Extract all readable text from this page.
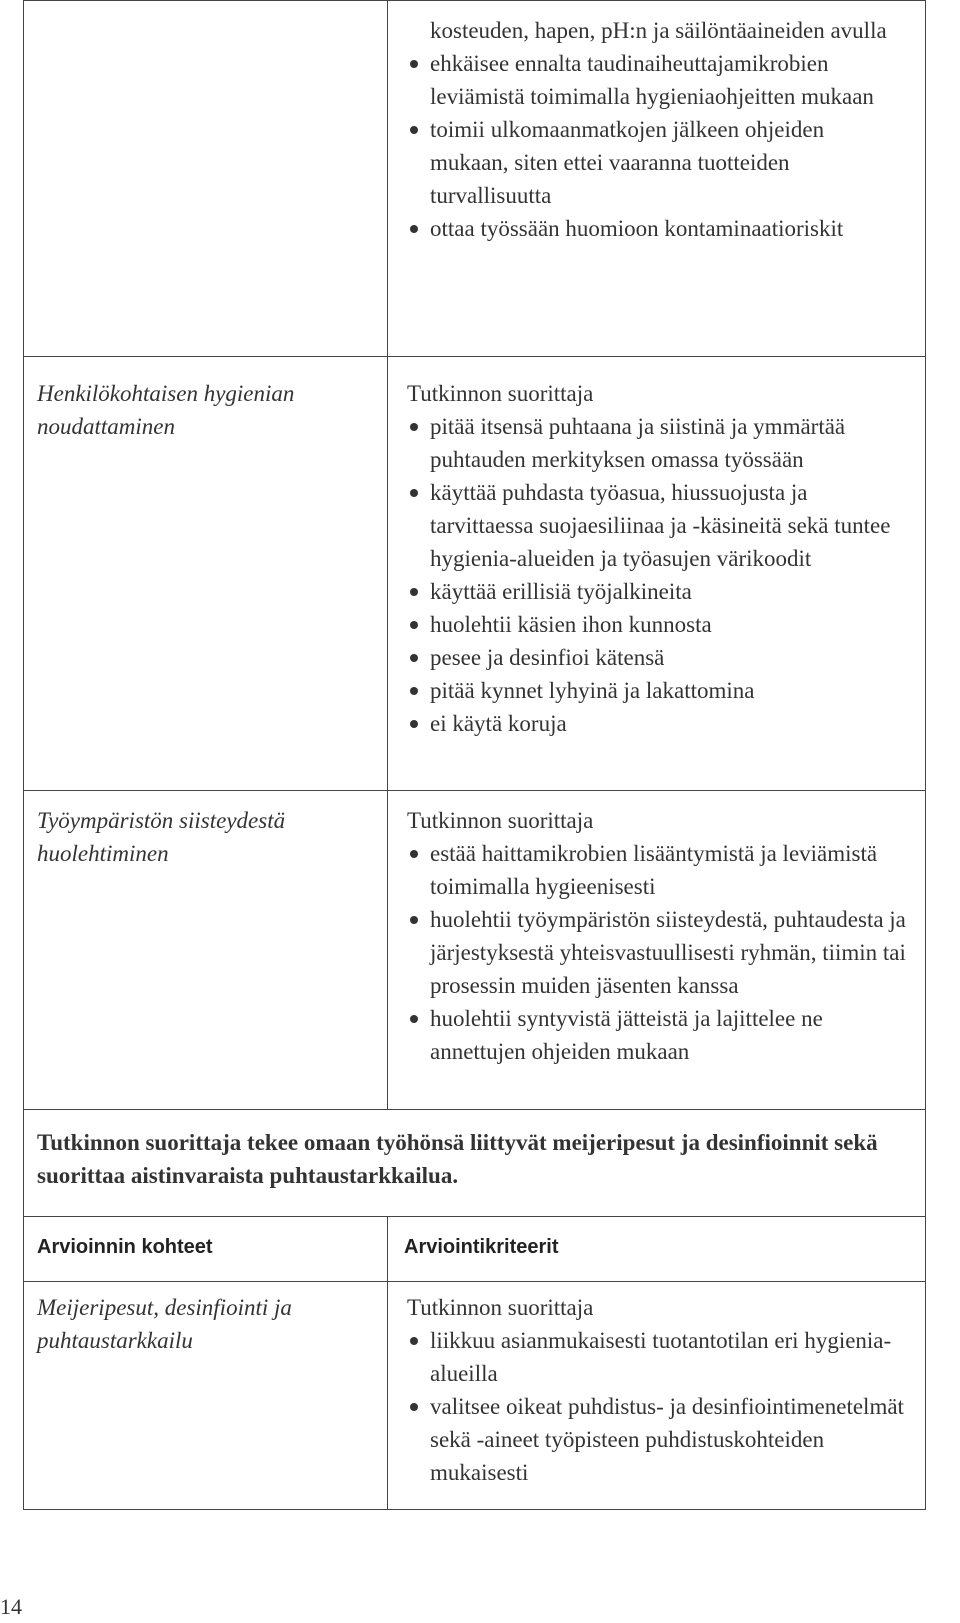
kosteuden, hapen, pH:n ja säilöntäaineiden avulla
ehkäisee ennalta taudinaiheuttajamikrobien leviämistä toimimalla hygieniaohjeitten mukaan
toimii ulkomaanmatkojen jälkeen ohjeiden mukaan, siten ettei vaaranna tuotteiden turvallisuutta
ottaa työssään huomioon kontaminaatioriskit
Henkilökohtaisen hygienian noudattaminen
Tutkinnon suorittaja
pitää itsensä puhtaana ja siistinä ja ymmärtää puhtauden merkityksen omassa työssään
käyttää puhdasta työasua, hiussuojusta ja tarvittaessa suojaesiliinaa ja -käsineitä sekä tuntee hygienia-alueiden ja työasujen värikoodit
käyttää erillisiä työjalkineita
huolehtii käsien ihon kunnosta
pesee ja desinfioi kätensä
pitää kynnet lyhyinä ja lakattomina
ei käytä koruja
Työympäristön siisteydestä huolehtiminen
Tutkinnon suorittaja
estää haittamikrobien lisääntymistä ja leviämistä toimimalla hygieenisesti
huolehtii työympäristön siisteydestä, puhtaudesta ja järjestyksestä yhteisvastuullisesti ryhmän, tiimin tai prosessin muiden jäsenten kanssa
huolehtii syntyvistä jätteistä ja lajittelee ne annettujen ohjeiden mukaan
Tutkinnon suorittaja tekee omaan työhönsä liittyvät meijeripesut ja desinfioinnit sekä suorittaa aistinvaraista puhtaustarkkailua.
Arvioinnin kohteet	Arviointikriteerit
Meijeripesut, desinfiointi ja puhtaustarkkailu
Tutkinnon suorittaja
liikkuu asianmukaisesti tuotantotilan eri hygienia-alueilla
valitsee oikeat puhdistus- ja desinfiointimenetelmät sekä -aineet työpisteen puhdistuskohteiden mukaisesti
14
